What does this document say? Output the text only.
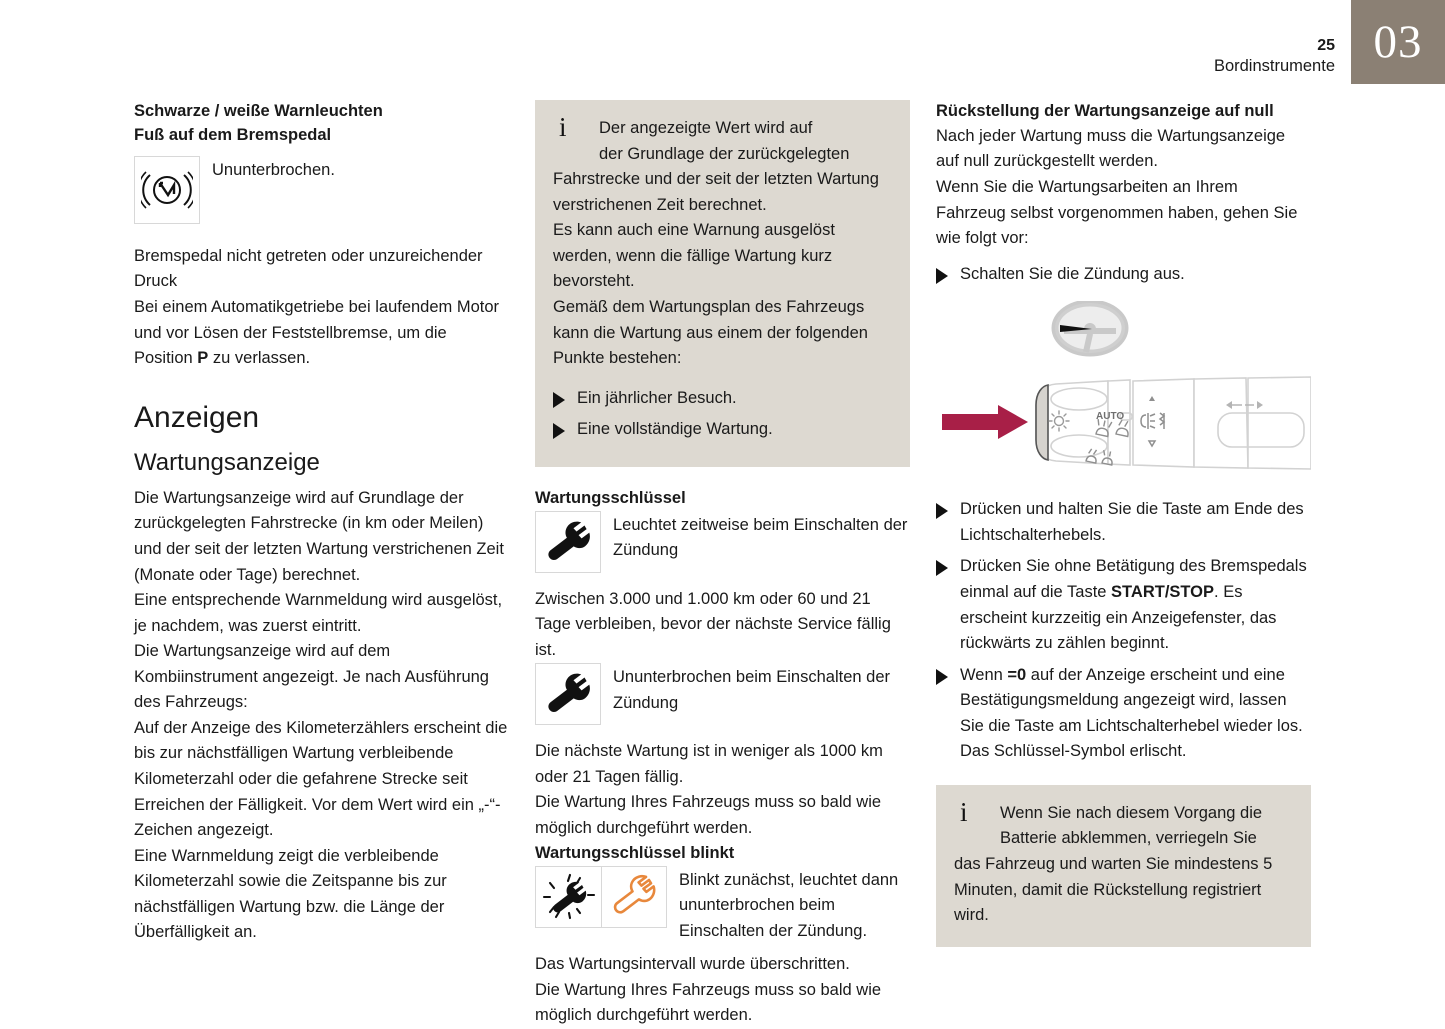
03
25
Bordinstrumente
Schwarze / weiße Warnleuchten
Fuß auf dem Bremspedal
Ununterbrochen.

Bremspedal nicht getreten oder unzureichender Druck

Bei einem Automatikgetriebe bei laufendem Motor und vor Lösen der Feststellbremse, um die Position P zu verlassen.

Anzeigen
Wartungsanzeige

Die Wartungsanzeige wird auf Grundlage der zurückgelegten Fahrstrecke (in km oder Meilen) und der seit der letzten Wartung verstrichenen Zeit (Monate oder Tage) berechnet.

Eine entsprechende Warnmeldung wird ausgelöst, je nachdem, was zuerst eintritt.

Die Wartungsanzeige wird auf dem Kombiinstrument angezeigt. Je nach Ausführung des Fahrzeugs:

Auf der Anzeige des Kilometerzählers erscheint die bis zur nächstfälligen Wartung verbleibende Kilometerzahl oder die gefahrene Strecke seit Erreichen der Fälligkeit. Vor dem Wert wird ein „-“-Zeichen angezeigt.

Eine Warnmeldung zeigt die verbleibende Kilometerzahl sowie die Zeitspanne bis zur nächstfälligen Wartung bzw. die Länge der Überfälligkeit an.

i	Der angezeigte Wert wird auf

der Grundlage der zurückgelegten

Fahrstrecke und der seit der letzten Wartung verstrichenen Zeit berechnet.

Es kann auch eine Warnung ausgelöst werden, wenn die fällige Wartung kurz bevorsteht.

Gemäß dem Wartungsplan des Fahrzeugs kann die Wartung aus einem der folgenden Punkte bestehen:

Ein jährlicher Besuch.
Eine vollständige Wartung.
Wartungsschlüssel
Leuchtet zeitweise beim Einschalten der Zündung

Zwischen 3.000 und 1.000 km oder 60 und 21 Tage verbleiben, bevor der nächste Service fällig ist.

Ununterbrochen beim Einschalten der Zündung

Die nächste Wartung ist in weniger als 1000 km oder 21 Tagen fällig.

Die Wartung Ihres Fahrzeugs muss so bald wie möglich durchgeführt werden.

Wartungsschlüssel blinkt
Blinkt zunächst, leuchtet dann ununterbrochen beim Einschalten der Zündung.

Das Wartungsintervall wurde überschritten.

Die Wartung Ihres Fahrzeugs muss so bald wie möglich durchgeführt werden.

Rückstellung der Wartungsanzeige auf null

Nach jeder Wartung muss die Wartungsanzeige auf null zurückgestellt werden.

Wenn Sie die Wartungsarbeiten an Ihrem Fahrzeug selbst vorgenommen haben, gehen Sie wie folgt vor:

Schalten Sie die Zündung aus.
AUTO
Drücken und halten Sie die Taste am Ende des Lichtschalterhebels.
Drücken Sie ohne Betätigung des Bremspedals einmal auf die Taste START/STOP. Es erscheint kurzzeitig ein Anzeigefenster, das rückwärts zu zählen beginnt.
Wenn =0 auf der Anzeige erscheint und eine Bestätigungsmeldung angezeigt wird, lassen Sie die Taste am Lichtschalterhebel wieder los. Das Schlüssel-Symbol erlischt.
i	Wenn Sie nach diesem Vorgang die

Batterie abklemmen, verriegeln Sie

das Fahrzeug und warten Sie mindestens 5 Minuten, damit die Rückstellung registriert wird.
